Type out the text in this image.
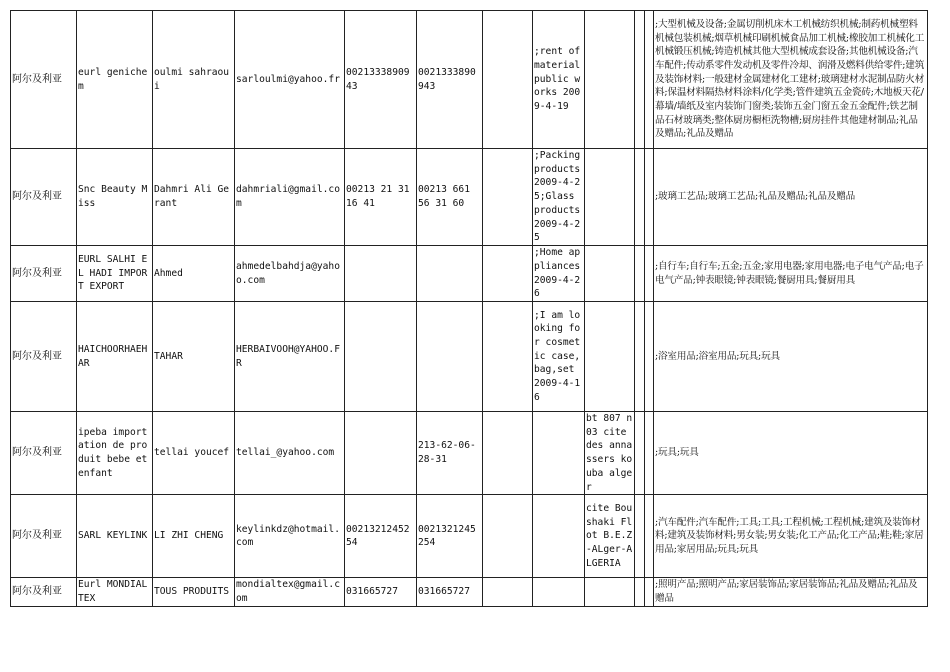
阿尔及利亚	eurl genichem	oulmi sahraoui	sarloulmi@yahoo.fr	0021333890943	0021333890943		;rent of material public works 2009-4-19				;大型机械及设备;金属切削机床木工机械纺织机械;制药机械塑料机械包装机械;烟草机械印刷机械食品加工机械;橡胶加工机械化工机械锻压机械;铸造机械其他大型机械成套设备;其他机械设备;汽车配件;传动系零件发动机及零件冷却、润滑及燃料供给零件;建筑及装饰材料;一般建材金属建材化工建材;玻璃建材水泥制品防火材料;保温材料隔热材料涂料/化学类;管件建筑五金瓷砖;木地板天花/幕墙/墙纸及室内装饰门窗类;装饰五金门窗五金五金配件;铁艺制品石材玻璃类;整体厨房橱柜洗物槽;厨房挂件其他建材制品;礼品及赠品;礼品及赠品
阿尔及利亚	Snc Beauty Miss	Dahmri Ali Gerant	dahmriali@gmail.com	00213 21 31 16 41	00213 661 56 31 60		;Packing products 2009-4-25;Glass products 2009-4-25				;玻璃工艺品;玻璃工艺品;礼品及赠品;礼品及赠品
阿尔及利亚	EURL SALHI EL HADI IMPORT EXPORT	Ahmed	ahmedelbahdja@yahoo.com				;Home appliances 2009-4-26				;自行车;自行车;五金;五金;家用电器;家用电器;电子电气产品;电子电气产品;钟表眼镜;钟表眼镜;餐厨用具;餐厨用具
阿尔及利亚	HAICHOORHAEHAR	TAHAR	HERBAIVOOH@YAHOO.FR				;I am looking for cosmetic case,bag,set 2009-4-16				;浴室用品;浴室用品;玩具;玩具
阿尔及利亚	ipeba importation de produit bebe et enfant	tellai youcef	tellai_@yahoo.com		213-62-06-28-31			bt 807 n 03 cite des annassers kouba alger			;玩具;玩具
阿尔及利亚	SARL KEYLINK	LI ZHI CHENG	keylinkdz@hotmail.com	0021321245254	0021321245254			cite Boushaki Flot B.E.Z-ALger-ALGERIA			;汽车配件;汽车配件;工具;工具;工程机械;工程机械;建筑及装饰材料;建筑及装饰材料;男女装;男女装;化工产品;化工产品;鞋;鞋;家居用品;家居用品;玩具;玩具
阿尔及利亚	Eurl MONDIALTEX	TOUS PRODUITS	mondialtex@gmail.com	031665727	031665727						;照明产品;照明产品;家居装饰品;家居装饰品;礼品及赠品;礼品及赠品
